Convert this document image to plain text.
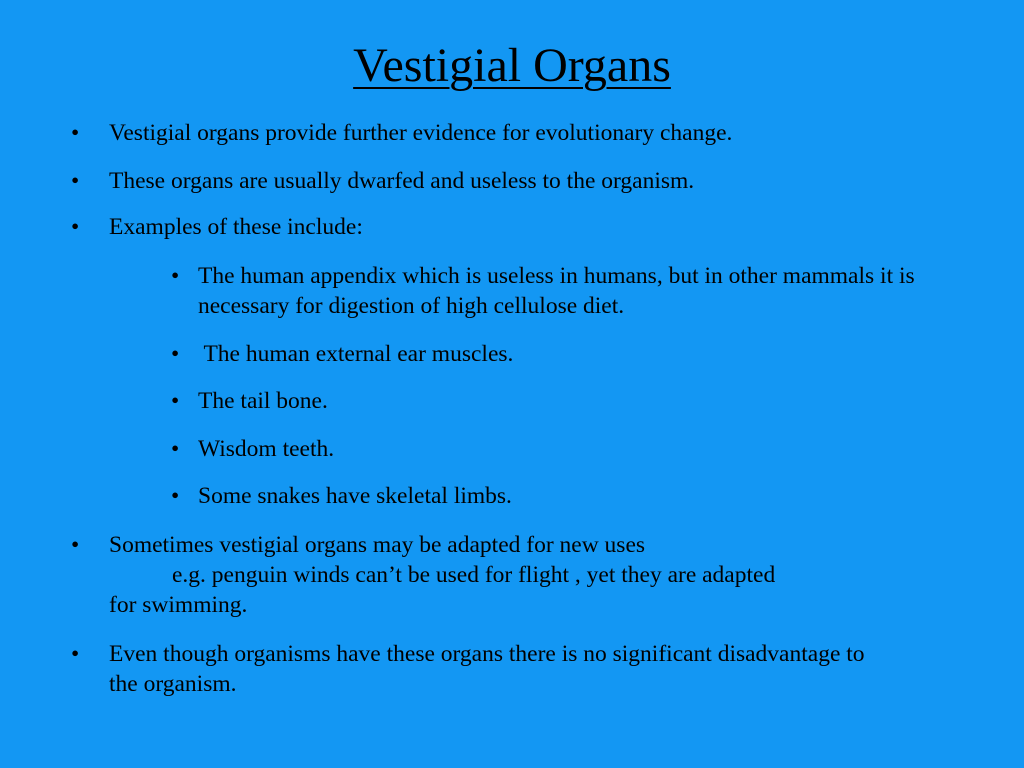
Vestigial Organs
• Vestigial organs provide further evidence for evolutionary change.
• These organs are usually dwarfed and useless to the organism.
• Examples of these include:
• The human appendix which is useless in humans, but in other mammals it is necessary for digestion of high cellulose diet.
• The human external ear muscles.
• The tail bone.
• Wisdom teeth.
• Some snakes have skeletal limbs.
• Sometimes vestigial organs may be adapted for new uses
e.g. penguin winds can’t be used for flight , yet they are adapted
for swimming.
• Even though organisms have these organs there is no significant disadvantage to the organism.
